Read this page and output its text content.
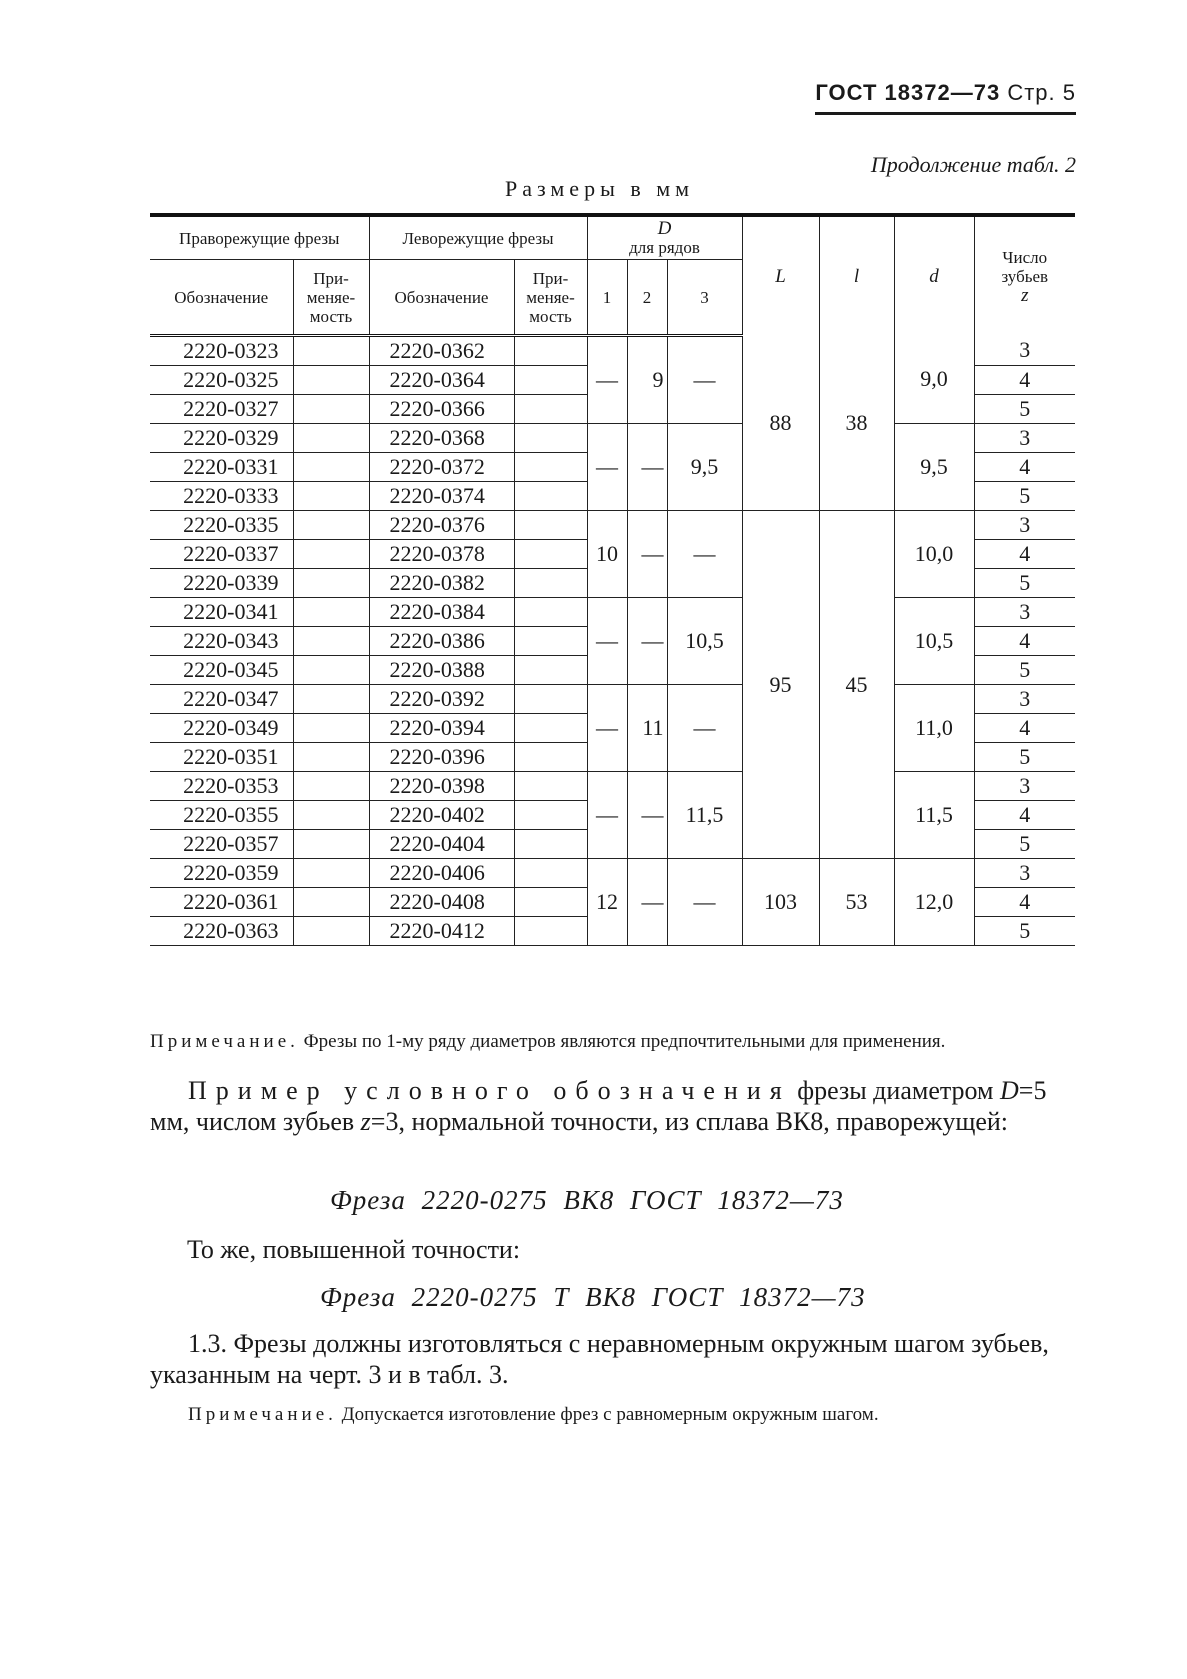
ГОСТ 18372—73 Стр. 5
Продолжение табл. 2
Размеры в мм
Праворежущие фрезы		Леворежущие фрезы		D
для рядов			L	l	d	Число
зубьев
z
Обозначение	При-
меняе-
мость	Обозначение	При-
меняе-
мость	1	2	3				
2220-0323		2220-0362		—	9	—	88	38	9,0	3
2220-0325		2220-0364								4
2220-0327		2220-0366								5
2220-0329		2220-0368		—	—	9,5			9,5	3
2220-0331		2220-0372								4
2220-0333		2220-0374								5
2220-0335		2220-0376		10	—	—	95	45	10,0	3
2220-0337		2220-0378								4
2220-0339		2220-0382								5
2220-0341		2220-0384		—	—	10,5			10,5	3
2220-0343		2220-0386								4
2220-0345		2220-0388								5
2220-0347		2220-0392		—	11	—			11,0	3
2220-0349		2220-0394								4
2220-0351		2220-0396								5
2220-0353		2220-0398		—	—	11,5			11,5	3
2220-0355		2220-0402								4
2220-0357		2220-0404								5
2220-0359		2220-0406		12	—	—	103	53	12,0	3
2220-0361		2220-0408								4
2220-0363		2220-0412								5
Примечание. Фрезы по 1-му ряду диаметров являются предпочтительными для применения.
Пример условного обозначения фрезы диаметром D=5 мм, числом зубьев z=3, нормальной точности, из сплава ВК8, праворежущей:
Фреза 2220-0275 ВК8 ГОСТ 18372—73
То же, повышенной точности:
Фреза 2220-0275 Т ВК8 ГОСТ 18372—73
1.3. Фрезы должны изготовляться с неравномерным окружным шагом зубьев, указанным на черт. 3 и в табл. 3.
Примечание. Допускается изготовление фрез с равномерным окружным шагом.
